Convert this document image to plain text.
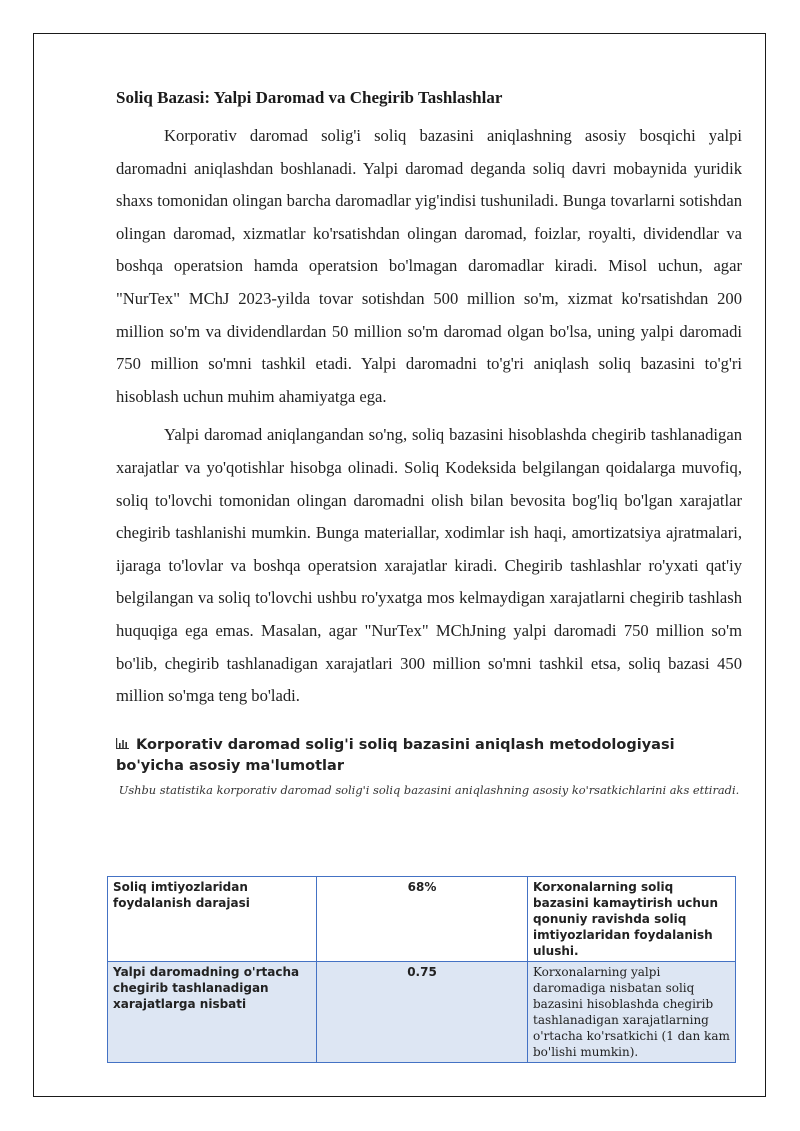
Soliq Bazasi: Yalpi Daromad va Chegirib Tashlashlar

Korporativ daromad solig'i soliq bazasini aniqlashning asosiy bosqichi yalpi daromadni aniqlashdan boshlanadi. Yalpi daromad deganda soliq davri mobaynida yuridik shaxs tomonidan olingan barcha daromadlar yig'indisi tushuniladi. Bunga tovarlarni sotishdan olingan daromad, xizmatlar ko'rsatishdan olingan daromad, foizlar, royalti, dividendlar va boshqa operatsion hamda operatsion bo'lmagan daromadlar kiradi. Misol uchun, agar "NurTex" MChJ 2023-yilda tovar sotishdan 500 million so'm, xizmat ko'rsatishdan 200 million so'm va dividendlardan 50 million so'm daromad olgan bo'lsa, uning yalpi daromadi 750 million so'mni tashkil etadi. Yalpi daromadni to'g'ri aniqlash soliq bazasini to'g'ri hisoblash uchun muhim ahamiyatga ega.

Yalpi daromad aniqlangandan so'ng, soliq bazasini hisoblashda chegirib tashlanadigan xarajatlar va yo'qotishlar hisobga olinadi. Soliq Kodeksida belgilangan qoidalarga muvofiq, soliq to'lovchi tomonidan olingan daromadni olish bilan bevosita bog'liq bo'lgan xarajatlar chegirib tashlanishi mumkin. Bunga materiallar, xodimlar ish haqi, amortizatsiya ajratmalari, ijaraga to'lovlar va boshqa operatsion xarajatlar kiradi. Chegirib tashlashlar ro'yxati qat'iy belgilangan va soliq to'lovchi ushbu ro'yxatga mos kelmaydigan xarajatlarni chegirib tashlash huquqiga ega emas. Masalan, agar "NurTex" MChJning yalpi daromadi 750 million so'm bo'lib, chegirib tashlanadigan xarajatlari 300 million so'mni tashkil etsa, soliq bazasi 450 million so'mga teng bo'ladi.

Korporativ daromad solig'i soliq bazasini aniqlash metodologiyasi bo'yicha asosiy ma'lumotlar
Ushbu statistika korporativ daromad solig'i soliq bazasini aniqlashning asosiy ko'rsatkichlarini aks ettiradi.
Soliq imtiyozlaridan foydalanish darajasi	68%	Korxonalarning soliq bazasini kamaytirish uchun qonuniy ravishda soliq imtiyozlaridan foydalanish ulushi.
Yalpi daromadning o'rtacha chegirib tashlanadigan xarajatlarga nisbati	0.75	Korxonalarning yalpi daromadiga nisbatan soliq bazasini hisoblashda chegirib tashlanadigan xarajatlarning o'rtacha ko'rsatkichi (1 dan kam bo'lishi mumkin).
